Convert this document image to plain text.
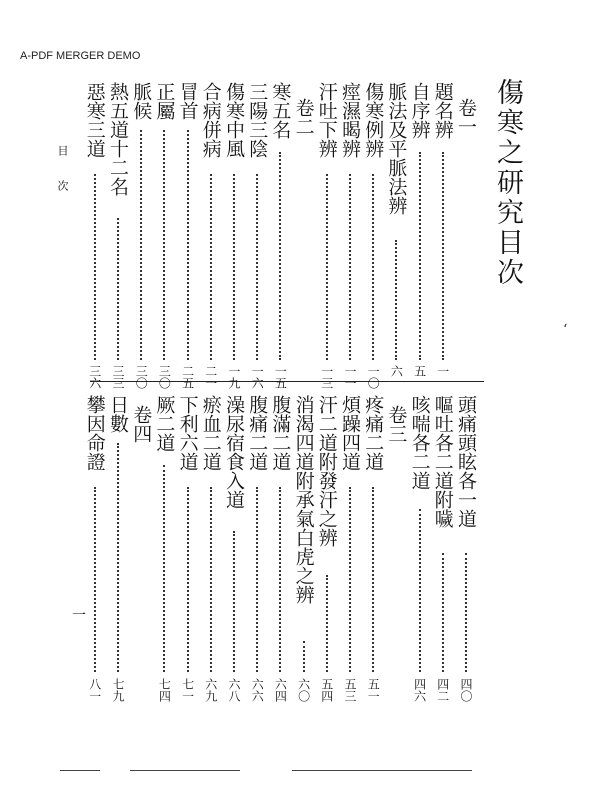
A-PDF MERGER DEMO
傷寒之研究目次
目次
卷一
題名辨
一
自序辨
五
脈法及平脈法辨
六
傷寒例辨
一〇
痙濕暍辨
一一
汗吐下辨
一三
卷二
寒五名
一五
三陽三陰
一六
傷寒中風
一九
合病併病
二一
冒首
二五
正屬
三〇
脈候
三〇
熱五道十二名
三三
惡寒三道
三六
頭痛頭眩各一道
四〇
嘔吐各二道附噦
四二
咳喘各二道
四六
卷三
疼痛二道
五一
煩躁四道
五三
汗二道附發汗之辨
五四
消渴四道附承氣白虎之辨
六〇
腹滿二道
六四
腹痛二道
六六
澡尿宿食入道
六八
瘀血二道
六九
下利六道
七一
厥二道
七四
卷四
日數
七九
攀因命證
八一
一
ʻ
